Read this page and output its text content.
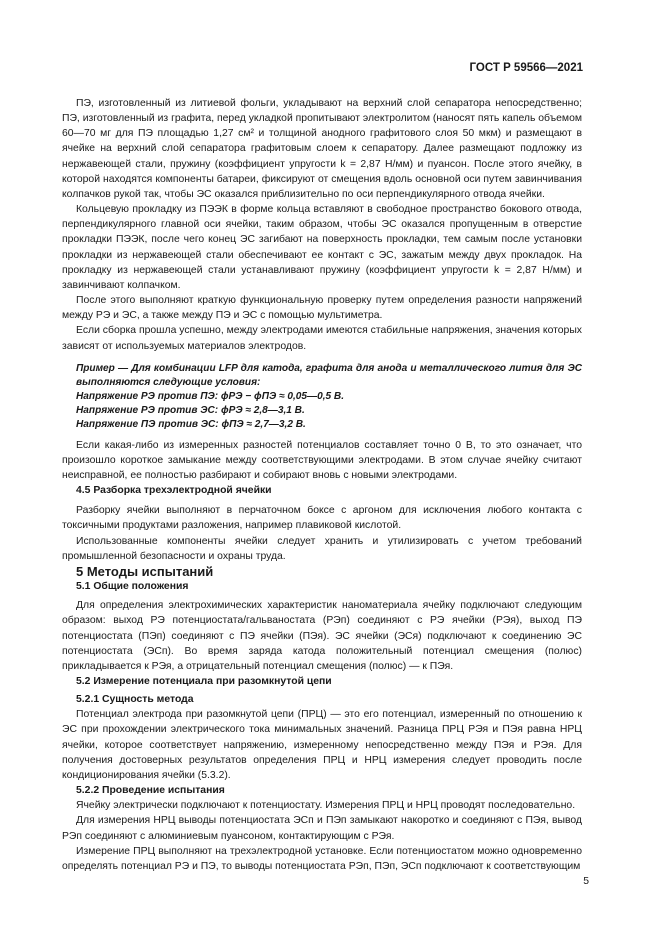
ГОСТ Р 59566—2021

ПЭ, изготовленный из литиевой фольги, укладывают на верхний слой сепаратора непосредственно; ПЭ, изготовленный из графита, перед укладкой пропитывают электролитом (наносят пять капель объемом 60—70 мг для ПЭ площадью 1,27 см² и толщиной анодного графитового слоя 50 мкм) и размещают в ячейке на верхний слой сепаратора графитовым слоем к сепаратору. Далее размещают подложку из нержавеющей стали, пружину (коэффициент упругости k = 2,87 Н/мм) и пуансон. После этого ячейку, в которой находятся компоненты батареи, фиксируют от смещения вдоль основной оси путем завинчивания колпачков рукой так, чтобы ЭС оказался приблизительно по оси перпендикулярного отвода ячейки.

Кольцевую прокладку из ПЭЭК в форме кольца вставляют в свободное пространство бокового отвода, перпендикулярного главной оси ячейки, таким образом, чтобы ЭС оказался пропущенным в отверстие прокладки ПЭЭК, после чего конец ЭС загибают на поверхность прокладки, тем самым после установки прокладки из нержавеющей стали обеспечивают ее контакт с ЭС, зажатым между двух прокладок. На прокладку из нержавеющей стали устанавливают пружину (коэффициент упругости k = 2,87 Н/мм) и завинчивают колпачком.

После этого выполняют краткую функциональную проверку путем определения разности напряжений между РЭ и ЭС, а также между ПЭ и ЭС с помощью мультиметра.

Если сборка прошла успешно, между электродами имеются стабильные напряжения, значения которых зависят от используемых материалов электродов.

Пример — Для комбинации LFP для катода, графита для анода и металлического лития для ЭС выполняются следующие условия:

Напряжение РЭ против ПЭ: ϕРЭ − ϕПЭ ≈ 0,05—0,5 В.

Напряжение РЭ против ЭС: ϕРЭ ≈ 2,8—3,1 В.

Напряжение ПЭ против ЭС: ϕПЭ ≈ 2,7—3,2 В.

Если какая-либо из измеренных разностей потенциалов составляет точно 0 В, то это означает, что произошло короткое замыкание между соответствующими электродами. В этом случае ячейку считают неисправной, ее полностью разбирают и собирают вновь с новыми электродами.

4.5 Разборка трехэлектродной ячейки

Разборку ячейки выполняют в перчаточном боксе с аргоном для исключения любого контакта с токсичными продуктами разложения, например плавиковой кислотой.

Использованные компоненты ячейки следует хранить и утилизировать с учетом требований промышленной безопасности и охраны труда.

5 Методы испытаний

5.1 Общие положения

Для определения электрохимических характеристик наноматериала ячейку подключают следующим образом: выход РЭ потенциостата/гальваностата (РЭп) соединяют с РЭ ячейки (РЭя), выход ПЭ потенциостата (ПЭп) соединяют с ПЭ ячейки (ПЭя). ЭС ячейки (ЭСя) подключают к соединению ЭС потенциостата (ЭСп). Во время заряда катода положительный потенциал смещения (полюс) прикладывается к РЭя, а отрицательный потенциал смещения (полюс) — к ПЭя.

5.2 Измерение потенциала при разомкнутой цепи

5.2.1 Сущность метода

Потенциал электрода при разомкнутой цепи (ПРЦ) — это его потенциал, измеренный по отношению к ЭС при прохождении электрического тока минимальных значений. Разница ПРЦ РЭя и ПЭя равна НРЦ ячейки, которое соответствует напряжению, измеренному непосредственно между ПЭя и РЭя. Для получения достоверных результатов определения ПРЦ и НРЦ измерения следует проводить после кондиционирования ячейки (5.3.2).

5.2.2 Проведение испытания

Ячейку электрически подключают к потенциостату. Измерения ПРЦ и НРЦ проводят последовательно.

Для измерения НРЦ выводы потенциостата ЭСп и ПЭп замыкают накоротко и соединяют с ПЭя, вывод РЭп соединяют с алюминиевым пуансоном, контактирующим с РЭя.

Измерение ПРЦ выполняют на трехэлектродной установке. Если потенциостатом можно одновременно определять потенциал РЭ и ПЭ, то выводы потенциостата РЭп, ПЭп, ЭСп подключают к соответствующим

5
